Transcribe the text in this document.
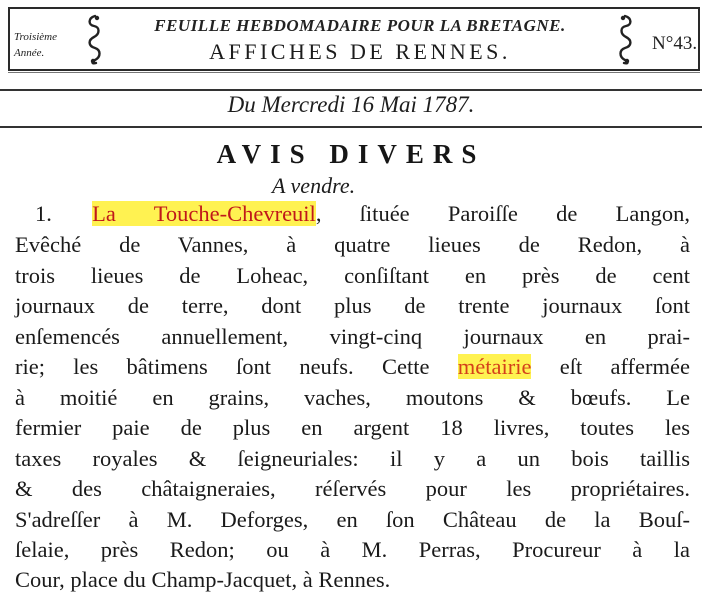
Troisième
Année.
FEUILLE HEBDOMADAIRE POUR LA BRETAGNE.
AFFICHES DE RENNES.	N°43.
Du Mercredi 16 Mai 1787.
AVIS DIVERS
A vendre.
1. La Touche-Chevreuil, ſituée Paroiſſe de Langon,
Evêché de Vannes, à quatre lieues de Redon, à
trois lieues de Loheac, conſiſtant en près de cent
journaux de terre, dont plus de trente journaux ſont
enſemencés annuellement, vingt-cinq journaux en prai-
rie; les bâtimens ſont neufs. Cette métairie eſt affermée
à moitié en grains, vaches, moutons & bœufs. Le
fermier paie de plus en argent 18 livres, toutes les
taxes royales & ſeigneuriales: il y a un bois taillis
& des châtaigneraies, réſervés pour les propriétaires.
S'adreſſer à M. Deforges, en ſon Château de la Bouſ-
ſelaie, près Redon; ou à M. Perras, Procureur à la
Cour, place du Champ-Jacquet, à Rennes.
